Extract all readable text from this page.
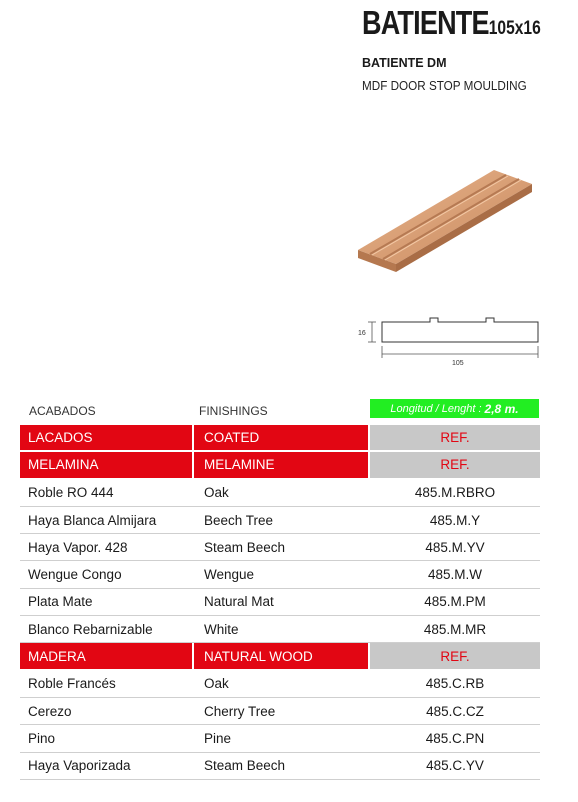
BATIENTE105x16
BATIENTE DM
MDF DOOR STOP MOULDING
16
105
ACABADOS	FINISHINGS	Longitud / Lenght : 2,8 m.
LACADOS	COATED	REF.
MELAMINA	MELAMINE	REF.
Roble RO 444	Oak	485.M.RBRO
Haya Blanca Almijara	Beech Tree	485.M.Y
Haya Vapor. 428	Steam Beech	485.M.YV
Wengue Congo	Wengue	485.M.W
Plata Mate	Natural Mat	485.M.PM
Blanco Rebarnizable	White	485.M.MR
MADERA	NATURAL WOOD	REF.
Roble Francés	Oak	485.C.RB
Cerezo	Cherry Tree	485.C.CZ
Pino	Pine	485.C.PN
Haya Vaporizada	Steam Beech	485.C.YV
